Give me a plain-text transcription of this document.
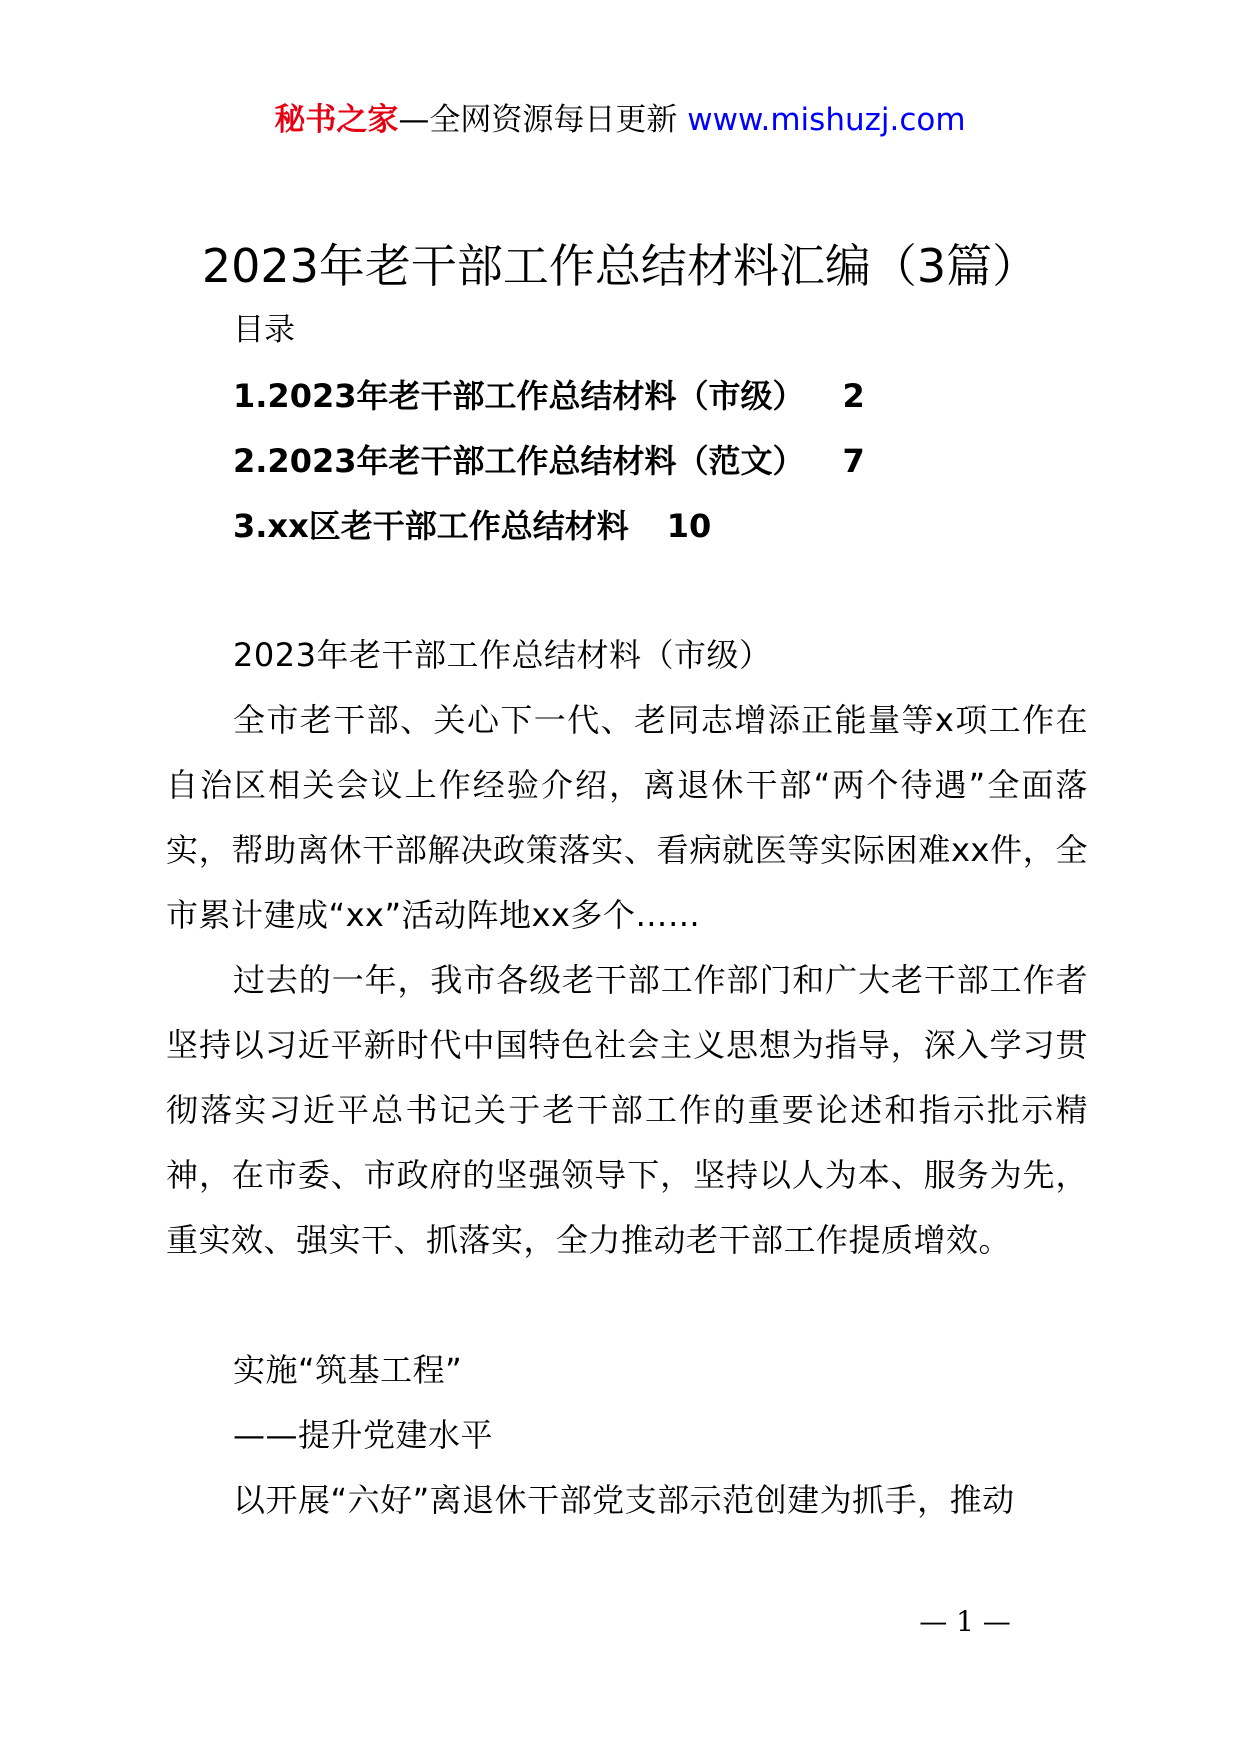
秘书之家—全网资源每日更新 www.mishuzj.com
2023年老干部工作总结材料汇编（3篇）
目录
1.2023年老干部工作总结材料（市级） 2
2.2023年老干部工作总结材料（范文） 7
3.xx区老干部工作总结材料 10
2023年老干部工作总结材料（市级）
全市老干部、关心下一代、老同志增添正能量等x项工作在自治区相关会议上作经验介绍，离退休干部“两个待遇”全面落实，帮助离休干部解决政策落实、看病就医等实际困难xx件，全市累计建成“xx”活动阵地xx多个……
过去的一年，我市各级老干部工作部门和广大老干部工作者坚持以习近平新时代中国特色社会主义思想为指导，深入学习贯彻落实习近平总书记关于老干部工作的重要论述和指示批示精神，在市委、市政府的坚强领导下，坚持以人为本、服务为先，重实效、强实干、抓落实，全力推动老干部工作提质增效。
实施“筑基工程”
——提升党建水平
以开展“六好”离退休干部党支部示范创建为抓手，推动
— 1 —
